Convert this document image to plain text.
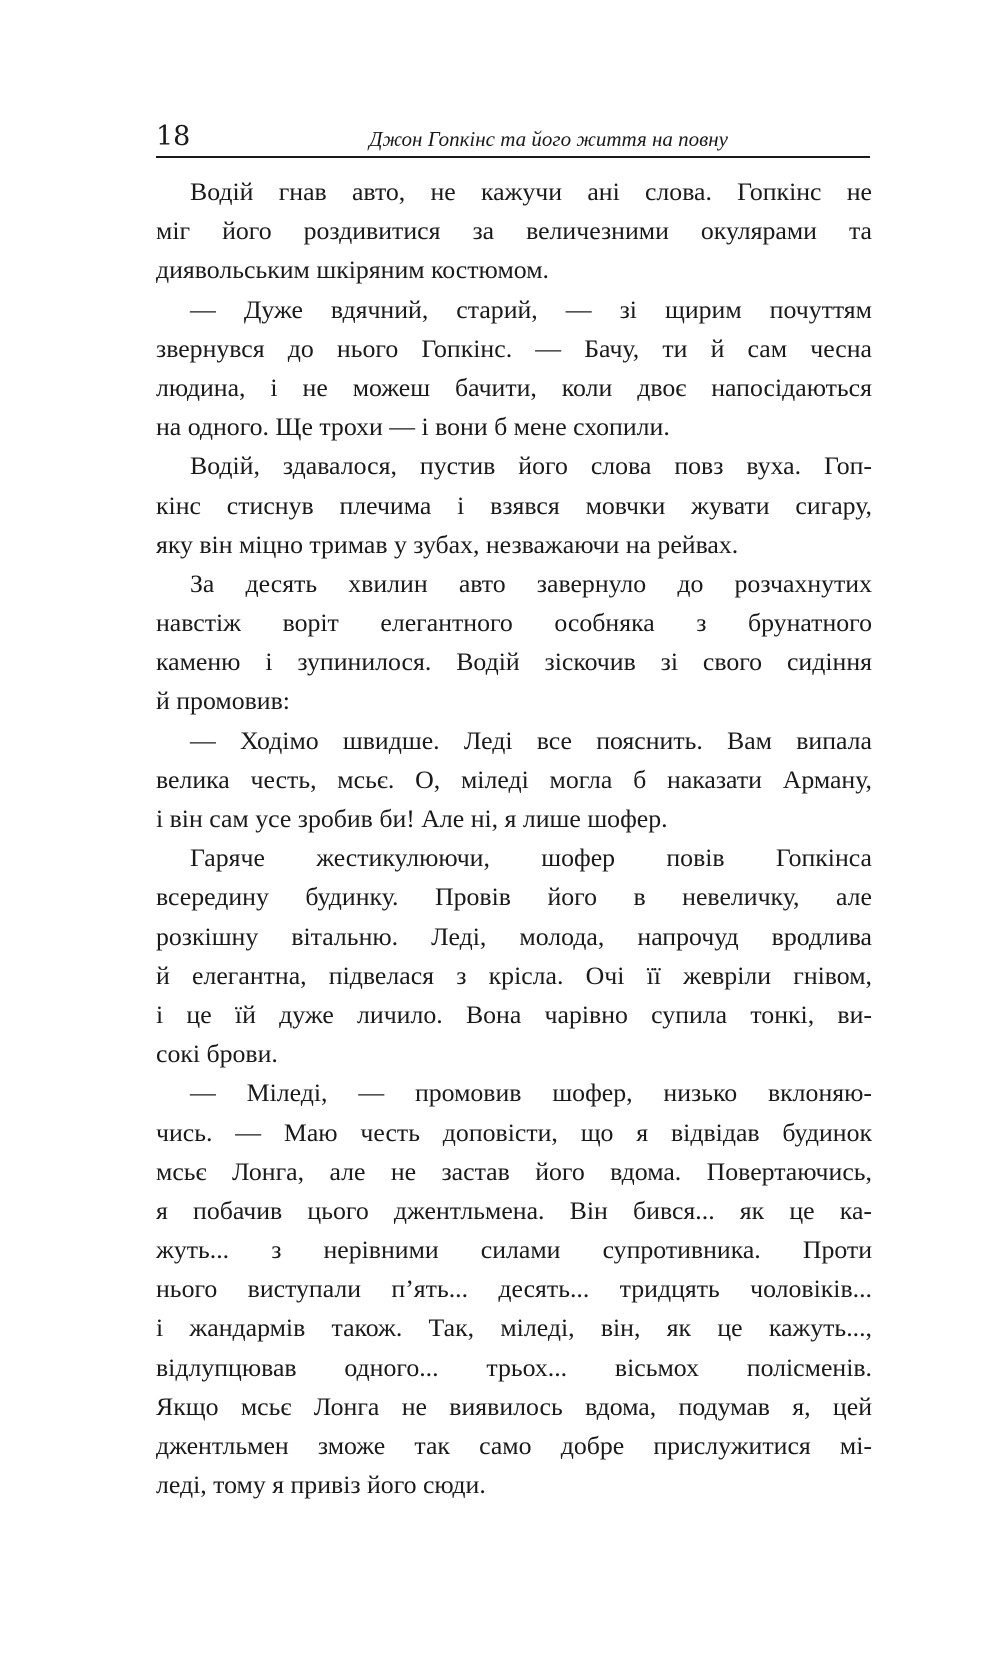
18	Джон Гопкінс та його життя на повну

Водій гнав авто, не кажучи ані слова. Гопкінс не
міг його роздивитися за величезними окулярами та
диявольським шкіряним костюмом.

— Дуже вдячний, старий, — зі щирим почуттям
звернувся до нього Гопкінс. — Бачу, ти й сам чесна
людина, і не можеш бачити, коли двоє напосідаються
на одного. Ще трохи — і вони б мене схопили.

Водій, здавалося, пустив його слова повз вуха. Гоп-
кінс стиснув плечима і взявся мовчки жувати сигару,
яку він міцно тримав у зубах, незважаючи на рейвах.

За десять хвилин авто завернуло до розчахнутих
навстіж воріт елегантного особняка з брунатного
каменю і зупинилося. Водій зіскочив зі свого сидіння
й промовив:

— Ходімо швидше. Леді все пояснить. Вам випала
велика честь, мсьє. О, міледі могла б наказати Арману,
і він сам усе зробив би! Але ні, я лише шофер.

Гаряче жестикулюючи, шофер повів Гопкінса
всередину будинку. Провів його в невеличку, але
розкішну вітальню. Леді, молода, напрочуд вродлива
й елегантна, підвелася з крісла. Очі її жевріли гнівом,
і це їй дуже личило. Вона чарівно супила тонкі, ви-
сокі брови.

— Міледі, — промовив шофер, низько вклоняю-
чись. — Маю честь доповісти, що я відвідав будинок
мсьє Лонга, але не застав його вдома. Повертаючись,
я побачив цього джентльмена. Він бився... як це ка-
жуть... з нерівними силами супротивника. Проти
нього виступали п’ять... десять... тридцять чоловіків...
і жандармів також. Так, міледі, він, як це кажуть...,
відлупцював одного... трьох... вісьмох полісменів.
Якщо мсьє Лонга не виявилось вдома, подумав я, цей
джентльмен зможе так само добре прислужитися мі-
леді, тому я привіз його сюди.
